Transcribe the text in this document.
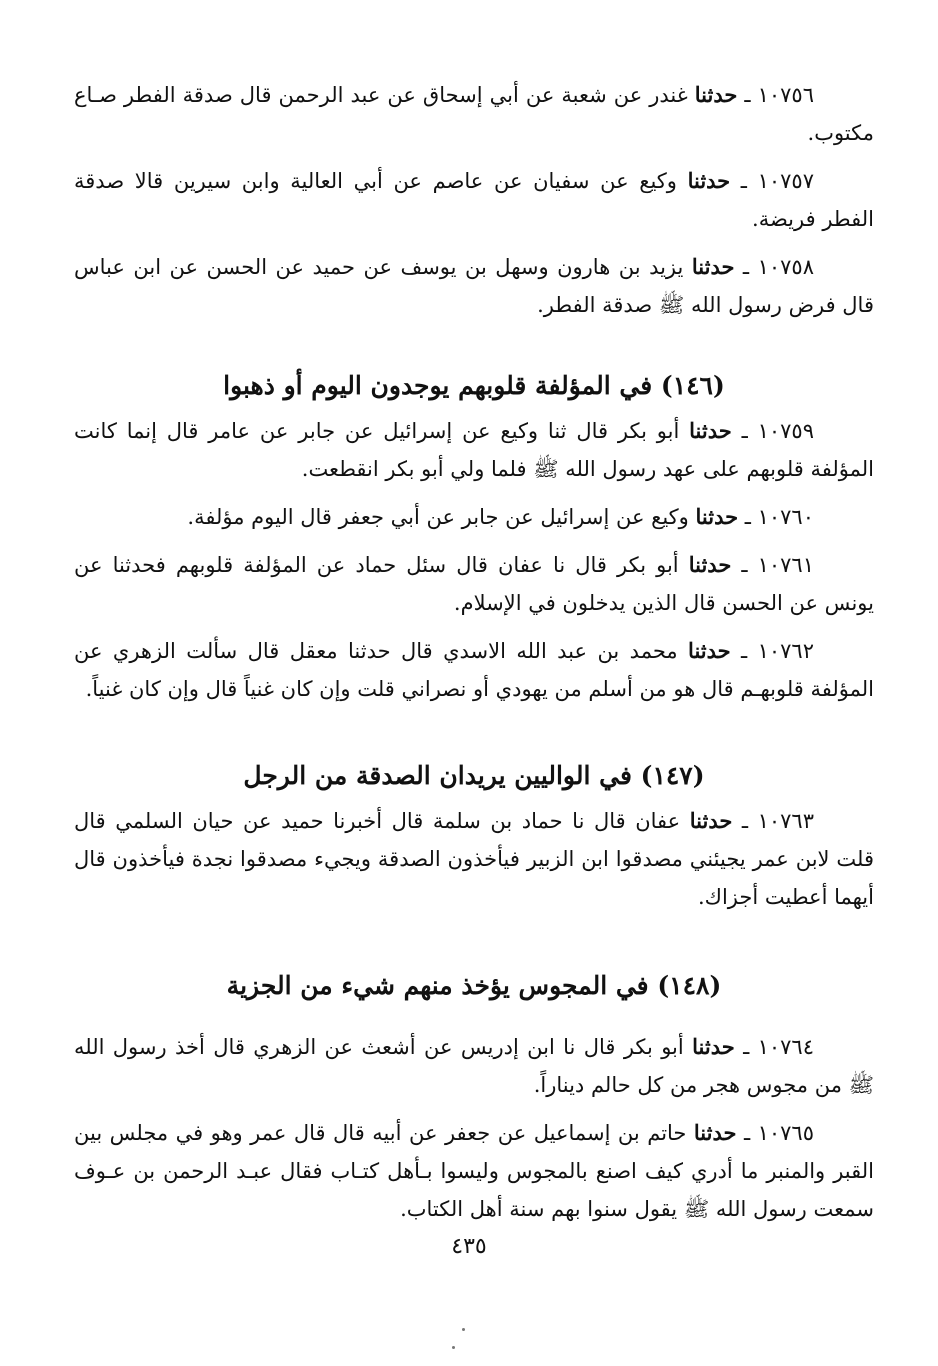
١٠٧٥٦ ـ حدثنا غندر عن شعبة عن أبي إسحاق عن عبد الرحمن قال صدقة الفطر صـاع مكتوب.

١٠٧٥٧ ـ حدثنا وكيع عن سفيان عن عاصم عن أبي العالية وابن سيرين قالا صدقة الفطر فريضة.

١٠٧٥٨ ـ حدثنا يزيد بن هارون وسهل بن يوسف عن حميد عن الحسن عن ابن عباس قال فرض رسول الله ﷺ صدقة الفطر.

(١٤٦) في المؤلفة قلوبهم يوجدون اليوم أو ذهبوا

١٠٧٥٩ ـ حدثنا أبو بكر قال ثنا وكيع عن إسرائيل عن جابر عن عامر قال إنما كانت المؤلفة قلوبهم على عهد رسول الله ﷺ فلما ولي أبو بكر انقطعت.

١٠٧٦٠ ـ حدثنا وكيع عن إسرائيل عن جابر عن أبي جعفر قال اليوم مؤلفة.

١٠٧٦١ ـ حدثنا أبو بكر قال نا عفان قال سئل حماد عن المؤلفة قلوبهم فحدثنا عن يونس عن الحسن قال الذين يدخلون في الإسلام.

١٠٧٦٢ ـ حدثنا محمد بن عبد الله الاسدي قال حدثنا معقل قال سألت الزهري عن المؤلفة قلوبهـم قال هو من أسلم من يهودي أو نصراني قلت وإن كان غنياً قال وإن كان غنياً.

(١٤٧) في الواليين يريدان الصدقة من الرجل

١٠٧٦٣ ـ حدثنا عفان قال نا حماد بن سلمة قال أخبرنا حميد عن حيان السلمي قال قلت لابن عمر يجيئني مصدقوا ابن الزبير فيأخذون الصدقة ويجيء مصدقوا نجدة فيأخذون قال أيهما أعطيت أجزاك.

(١٤٨) في المجوس يؤخذ منهم شيء من الجزية

١٠٧٦٤ ـ حدثنا أبو بكر قال نا ابن إدريس عن أشعث عن الزهري قال أخذ رسول الله ﷺ من مجوس هجر من كل حالم ديناراً.

١٠٧٦٥ ـ حدثنا حاتم بن إسماعيل عن جعفر عن أبيه قال قال عمر وهو في مجلس بين القبر والمنبر ما أدري كيف اصنع بالمجوس وليسوا بـأهل كتـاب فقال عبـد الرحمن بن عـوف سمعت رسول الله ﷺ يقول سنوا بهم سنة أهل الكتاب.

٤٣٥
